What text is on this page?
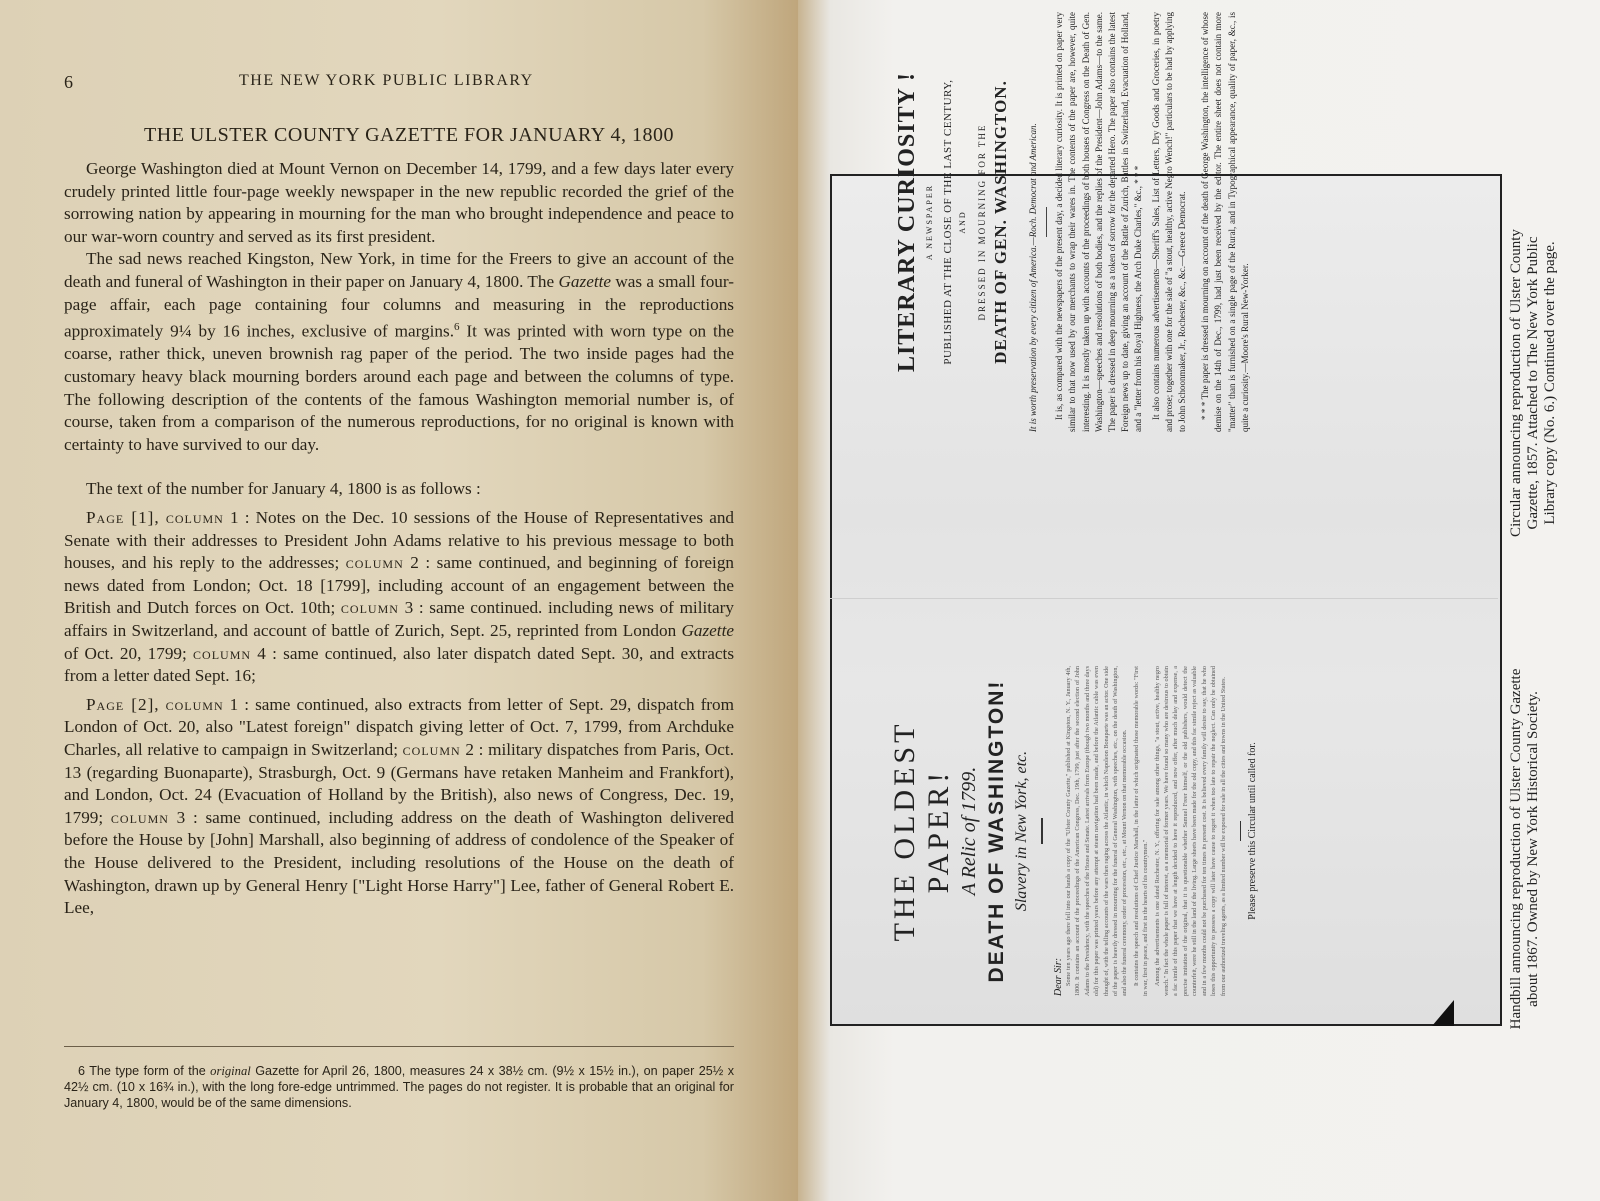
6	THE NEW YORK PUBLIC LIBRARY
THE ULSTER COUNTY GAZETTE FOR JANUARY 4, 1800

George Washington died at Mount Vernon on December 14, 1799, and a few days later every crudely printed little four-page weekly newspaper in the new republic recorded the grief of the sorrowing nation by appearing in mourning for the man who brought independence and peace to our war-worn country and served as its first president.

The sad news reached Kingston, New York, in time for the Freers to give an account of the death and funeral of Washington in their paper on January 4, 1800. The Gazette was a small four-page affair, each page containing four columns and measuring in the reproductions approximately 9¼ by 16 inches, exclusive of margins.$^6$ It was printed with worn type on the coarse, rather thick, uneven brownish rag paper of the period. The two inside pages had the customary heavy black mourning borders around each page and between the columns of type. The following description of the contents of the famous Washington memorial number is, of course, taken from a comparison of the numerous reproductions, for no original is known with certainty to have survived to our day.

The text of the number for January 4, 1800 is as follows :

Page [1], column 1 : Notes on the Dec. 10 sessions of the House of Representatives and Senate with their addresses to President John Adams relative to his previous message to both houses, and his reply to the addresses; column 2 : same continued, and beginning of foreign news dated from London; Oct. 18 [1799], including account of an engagement between the British and Dutch forces on Oct. 10th; column 3 : same continued. including news of military affairs in Switzerland, and account of battle of Zurich, Sept. 25, reprinted from London Gazette of Oct. 20, 1799; column 4 : same continued, also later dispatch dated Sept. 30, and extracts from a letter dated Sept. 16;

Page [2], column 1 : same continued, also extracts from letter of Sept. 29, dispatch from London of Oct. 20, also "Latest foreign" dispatch giving letter of Oct. 7, 1799, from Archduke Charles, all relative to campaign in Switzerland; column 2 : military dispatches from Paris, Oct. 13 (regarding Buonaparte), Strasburgh, Oct. 9 (Germans have retaken Manheim and Frankfort), and London, Oct. 24 (Evacuation of Holland by the British), also news of Congress, Dec. 19, 1799; column 3 : same continued, including address on the death of Washington delivered before the House by [John] Marshall, also beginning of address of condolence of the Speaker of the House delivered to the President, including resolutions of the House on the death of Washington, drawn up by General Henry ["Light Horse Harry"] Lee, father of General Robert E. Lee,

6 The type form of the original Gazette for April 26, 1800, measures 24 x 38½ cm. (9½ x 15½ in.), on paper 25½ x 42½ cm. (10 x 16¾ in.), with the long fore-edge untrimmed. The pages do not register. It is probable that an original for January 4, 1800, would be of the same dimensions.
LITERARY CURIOSITY ! A NEWSPAPER PUBLISHED AT THE CLOSE OF THE LAST CENTURY, AND DRESSED IN MOURNING FOR THE DEATH OF GEN. WASHINGTON. It is worth preservation by every citizen of America.—Roch. Democrat and American. It is, as compared with the newspapers of the present day, a decided literary curiosity. It is printed on paper very similar to that now used by our merchants to wrap their wares in. The contents of the paper are, however, quite interesting. It is mostly taken up with accounts of the proceedings of both houses of Congress on the Death of Gen. Washington—speeches and resolutions of both bodies, and the replies of the President—John Adams—to the same. The paper is dressed in deep mourning as a token of sorrow for the departed Hero. The paper also contains the latest Foreign news up to date, giving an account of the Battle of Zurich, Battles in Switzerland, Evacuation of Holland, and a "letter from his Royal Highness, the Arch Duke Charles," &c., * * * It also contains numerous advertisements—Sheriff's Sales, List of Letters, Dry Goods and Groceries, in poetry and prose; together with one for the sale of "a stout, healthy, active Negro Wench!" particulars to be had by applying to John Schoonmaker, Jr., Rochester, &c., &c.—Greece Democrat. * * * The paper is dressed in mourning on account of the death of George Washington, the intelligence of whose demise on the 14th of Dec., 1799, had just been received by the editor. The entire sheet does not contain more "matter" than is furnished on a single page of the Rural, and in Typographical appearance, quality of paper, &c., is quite a curiosity.—Moore's Rural New-Yorker.

THE OLDEST PAPER! A Relic of 1799. DEATH OF WASHINGTON! Slavery in New York, etc.
Dear Sir: Some ten years ago there fell into our hands a copy of the "Ulster County Gazette," published at Kingston, N. Y., January 4th, 1800. It contains an account of the proceedings of the American Congress, Dec. 19th, 1799, just after the second election of John Adams to the Presidency, with the speeches of the House and Senate. Latest arrivals from Europe (though two months and three days old) for this paper was printed years before any attempt at steam navigation had been made, and before the Atlantic cable was even thought of, with the telling accounts of the wars then raging across the Atlantic, in which Napoleon Bonaparte was an actor. One side of the paper is heavily dressed in mourning for the funeral of General Washington, with speeches, etc., on the death of Washington, and also the funeral ceremony, order of procession, etc., etc., at Mount Vernon on that memorable occasion. It contains the speech and resolutions of Chief Justice Marshall, in the latter of which originated those memorable words: "First in war, first in peace, and first in the hearts of his countrymen." Among the advertisements is one dated Rochester, N. Y., offering for sale among other things, "a stout, active, healthy negro wench." In fact the whole paper is full of interest, as a memorial of former years. We have found so many who are desirous to obtain a fac simile of this paper that we have at length decided to have it reproduced, and now offer, after much delay and expense, a precise imitation of the original, that it is questionable whether Samuel Freer himself, or the old publishers, would detect the counterfeit, were he still in the land of the living. Large sheets have been made for the old copy, and this fac simile reject as valuable and in a few months could not be purchased for ten times its present cost. It is believed every family will desire to say, that he who loses this opportunity to possess a copy will later have cause to regret it when too late to repair the neglect. Can only be obtained from our authorized traveling agents, as a limited number will be exposed for sale in all the cities and towns in the United States. Please preserve this Circular until called for.
Circular announcing reproduction of Ulster County Gazette, 1857. Attached to The New York Public Library copy (No. 6.) Continued over the page.
Handbill announcing reproduction of Ulster County Gazette about 1867. Owned by New York Historical Society.
